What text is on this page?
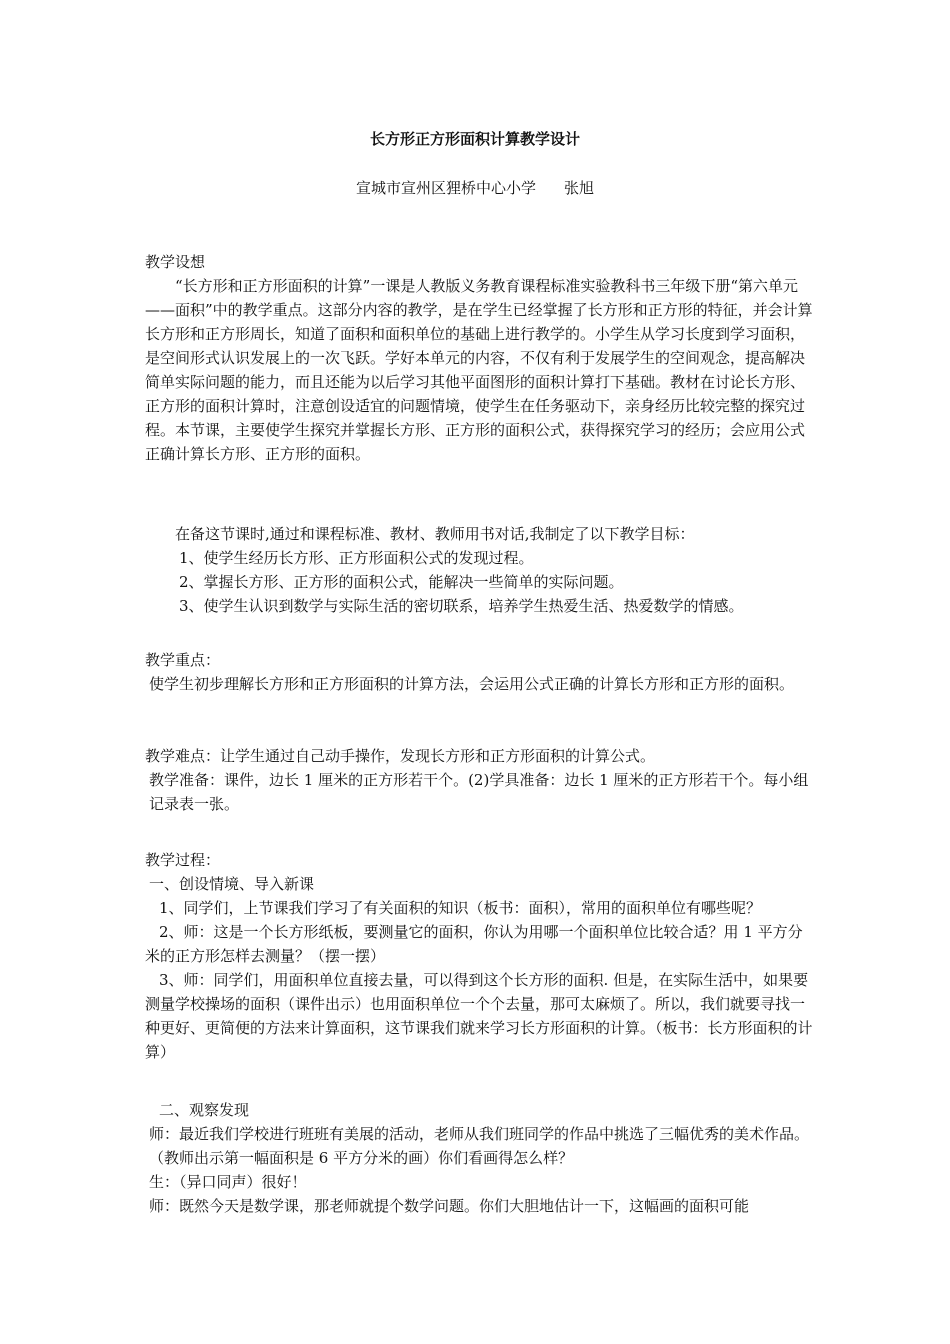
长方形正方形面积计算教学设计
宣城市宣州区狸桥中心小学 张旭

教学设想

“长方形和正方形面积的计算”一课是人教版义务教育课程标准实验教科书三年级下册“第六单元——面积”中的教学重点。这部分内容的教学，是在学生已经掌握了长方形和正方形的特征，并会计算长方形和正方形周长，知道了面积和面积单位的基础上进行教学的。小学生从学习长度到学习面积，是空间形式认识发展上的一次飞跃。学好本单元的内容，不仅有利于发展学生的空间观念，提高解决简单实际问题的能力，而且还能为以后学习其他平面图形的面积计算打下基础。教材在讨论长方形、正方形的面积计算时，注意创设适宜的问题情境，使学生在任务驱动下，亲身经历比较完整的探究过程。本节课，主要使学生探究并掌握长方形、正方形的面积公式，获得探究学习的经历；会应用公式正确计算长方形、正方形的面积。

在备这节课时,通过和课程标准、教材、教师用书对话,我制定了以下教学目标：

1、使学生经历长方形、正方形面积公式的发现过程。

2、掌握长方形、正方形的面积公式，能解决一些简单的实际问题。

3、使学生认识到数学与实际生活的密切联系，培养学生热爱生活、热爱数学的情感。

教学重点：

使学生初步理解长方形和正方形面积的计算方法，会运用公式正确的计算长方形和正方形的面积。

教学难点：让学生通过自己动手操作，发现长方形和正方形面积的计算公式。

教学准备：课件，边长 1 厘米的正方形若干个。(2)学具准备：边长 1 厘米的正方形若干个。每小组记录表一张。

教学过程：

一、创设情境、导入新课

1、同学们，上节课我们学习了有关面积的知识（板书：面积），常用的面积单位有哪些呢？

2、师：这是一个长方形纸板，要测量它的面积，你认为用哪一个面积单位比较合适？用 1 平方分米的正方形怎样去测量？（摆一摆）

3、师：同学们，用面积单位直接去量，可以得到这个长方形的面积. 但是，在实际生活中，如果要测量学校操场的面积（课件出示）也用面积单位一个个去量，那可太麻烦了。所以，我们就要寻找一种更好、更简便的方法来计算面积，这节课我们就来学习长方形面积的计算。（板书：长方形面积的计算）

二、观察发现

师：最近我们学校进行班班有美展的活动，老师从我们班同学的作品中挑选了三幅优秀的美术作品。（教师出示第一幅面积是 6 平方分米的画）你们看画得怎么样？

生：（异口同声）很好！

师：既然今天是数学课，那老师就提个数学问题。你们大胆地估计一下，这幅画的面积可能
